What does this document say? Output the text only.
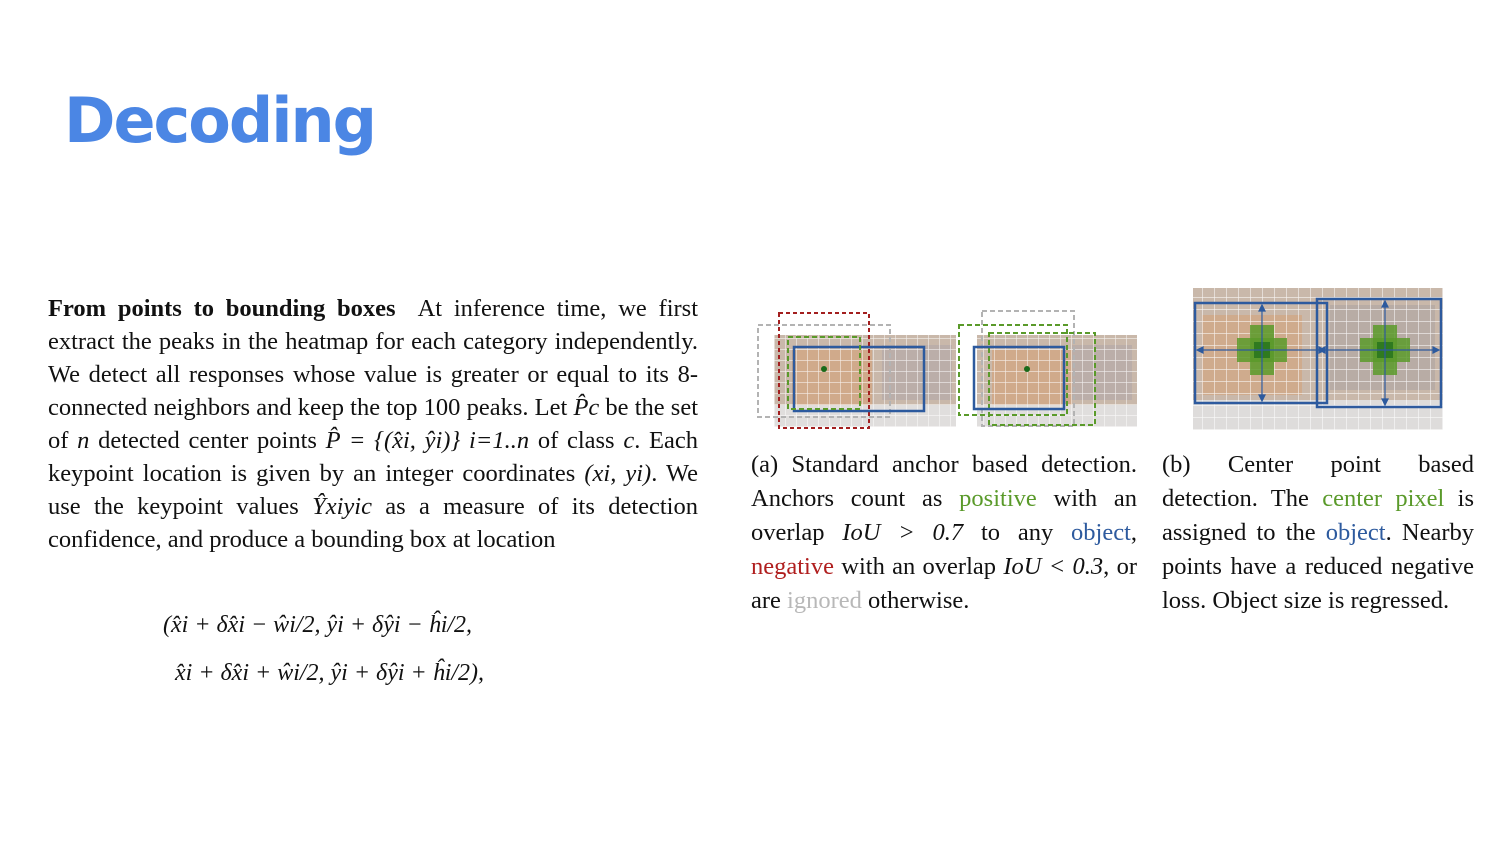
Decoding
From points to bounding boxes At inference time, we first extract the peaks in the heatmap for each category independently. We detect all responses whose value is greater or equal to its 8-connected neighbors and keep the top 100 peaks. Let P̂c be the set of n detected center points P̂ = {(x̂i, ŷi)} i=1..n of class c. Each keypoint location is given by an integer coordinates (xi, yi). We use the keypoint values Ŷxiyic as a measure of its detection confidence, and produce a bounding box at location
(x̂i + δx̂i − ŵi/2, ŷi + δŷi − ĥi/2,
x̂i + δx̂i + ŵi/2, ŷi + δŷi + ĥi/2),
(a) Standard anchor based detection. Anchors count as positive with an overlap IoU > 0.7 to any object, negative with an overlap IoU < 0.3, or are ignored otherwise.
(b) Center point based detection. The center pixel is assigned to the object. Nearby points have a reduced negative loss. Object size is regressed.
